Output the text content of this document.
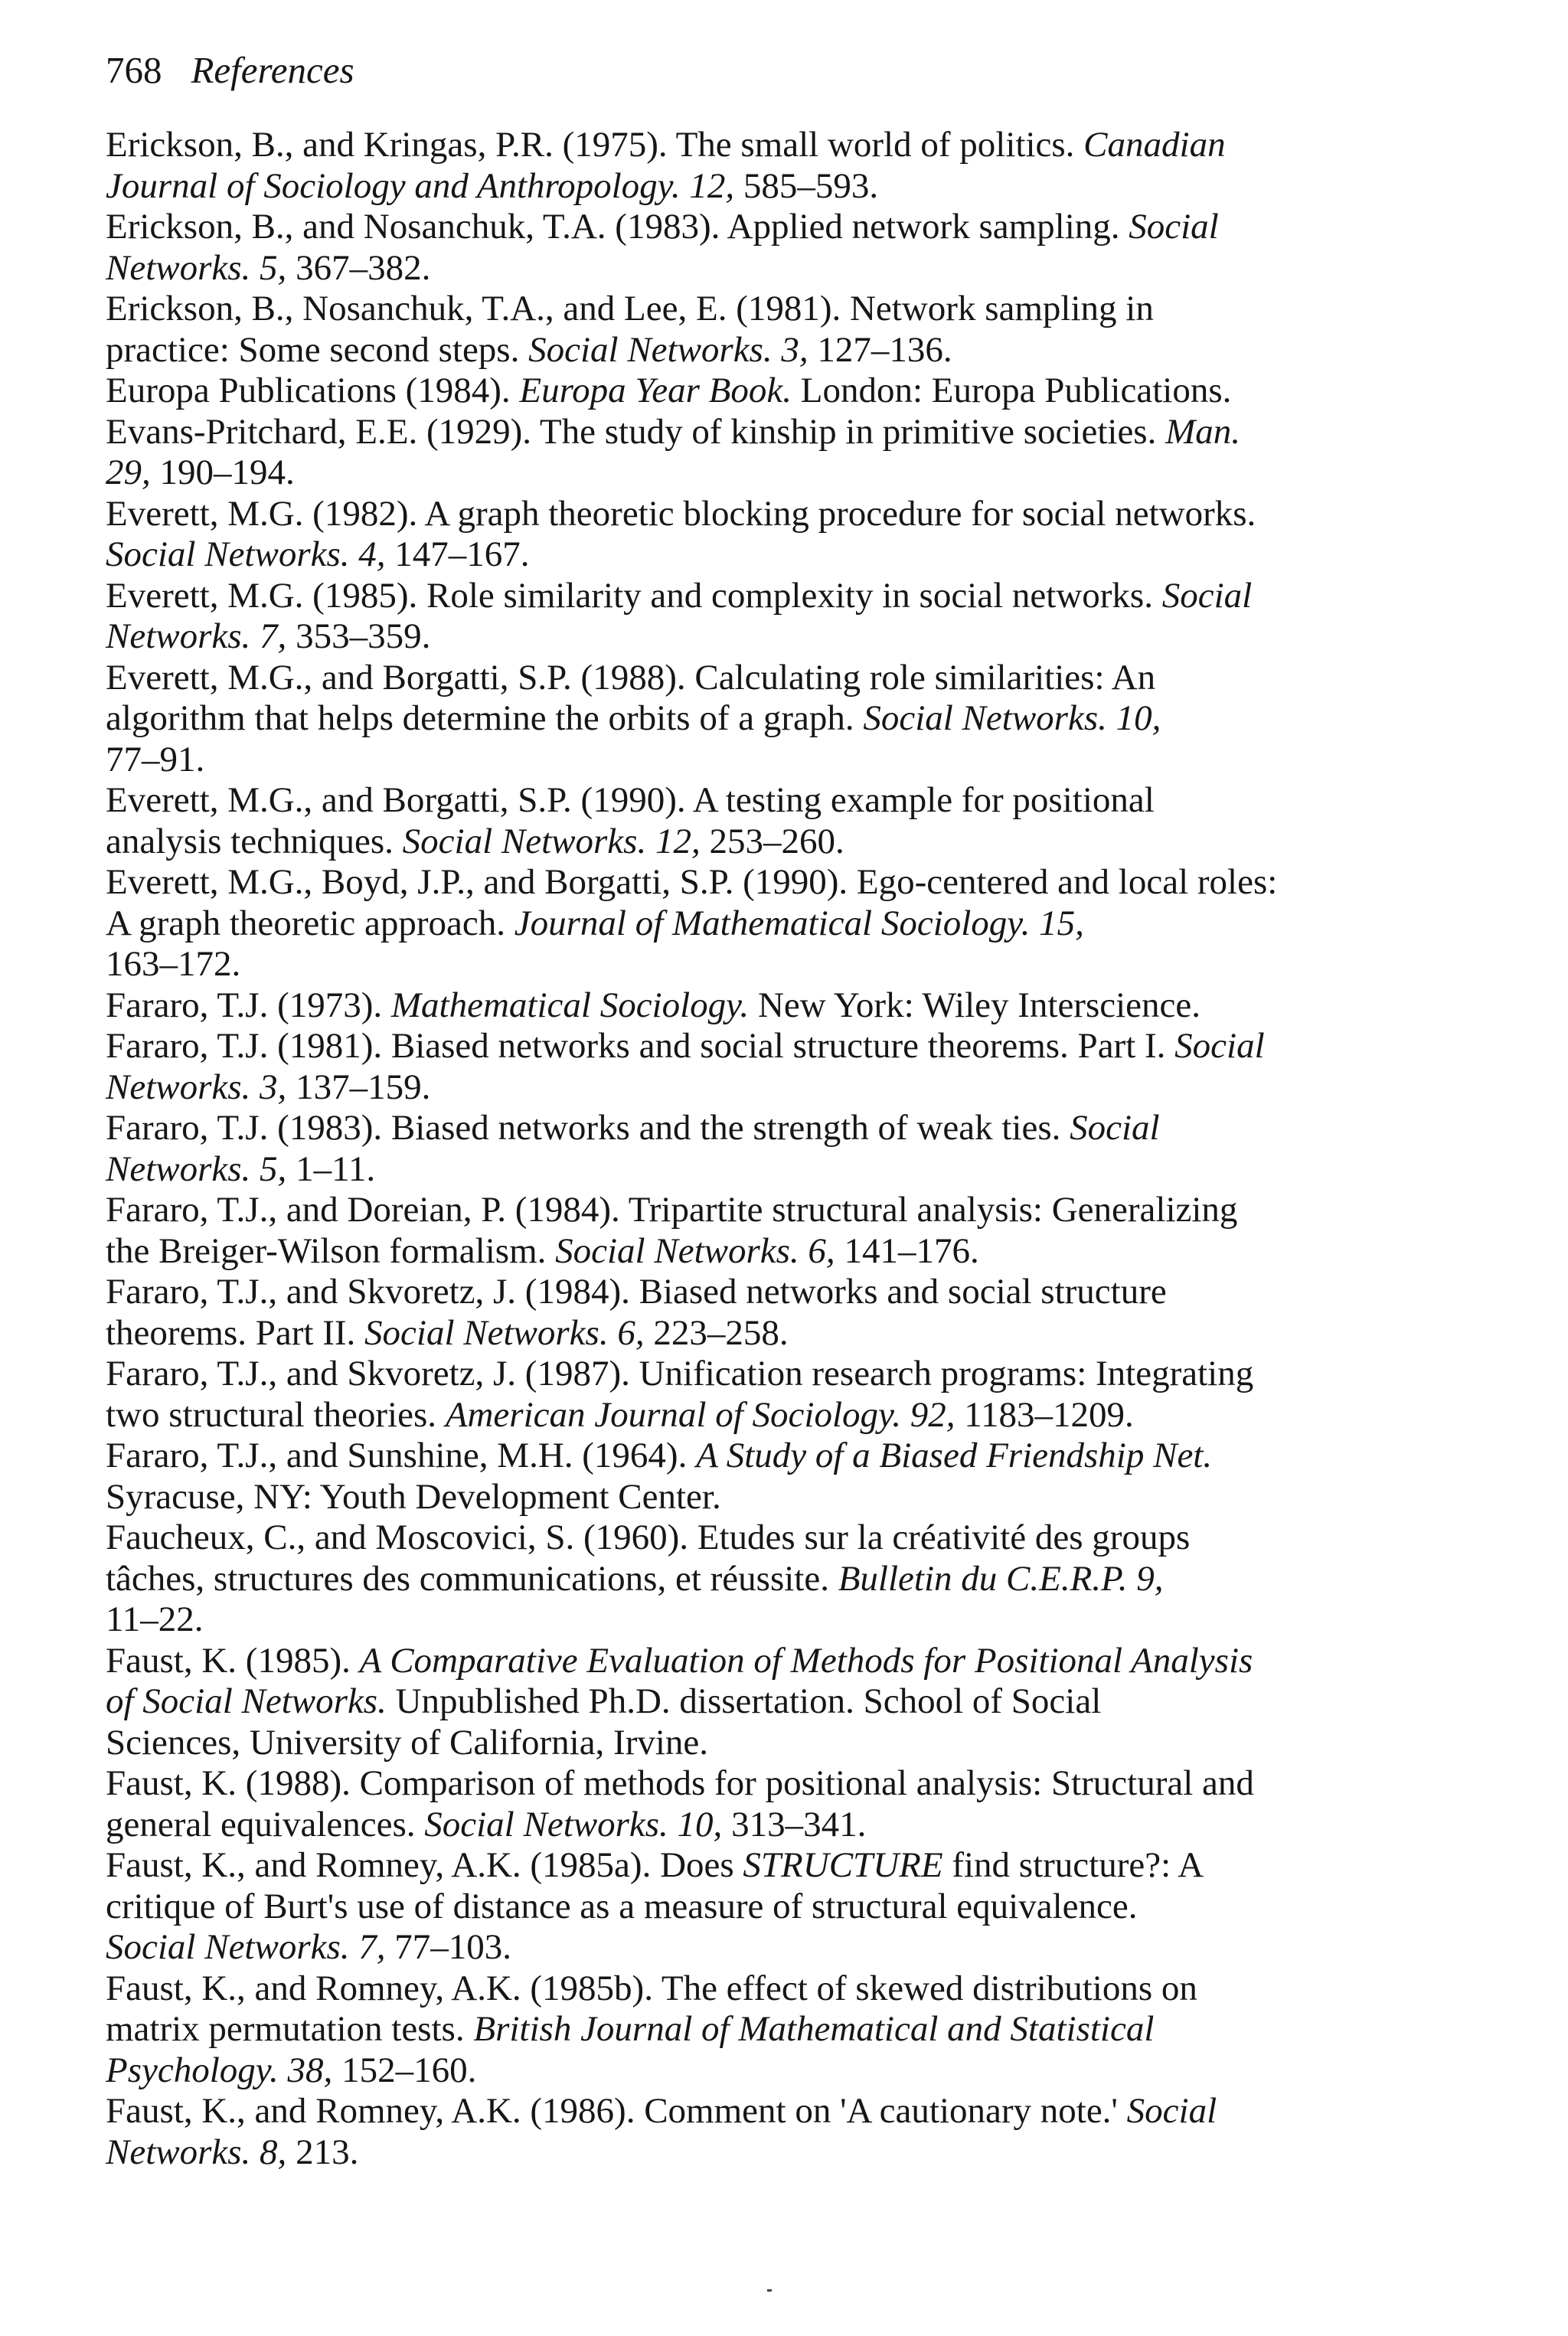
768 References
Erickson, B., and Kringas, P.R. (1975). The small world of politics. Canadian
Journal of Sociology and Anthropology. 12, 585–593.
Erickson, B., and Nosanchuk, T.A. (1983). Applied network sampling. Social
Networks. 5, 367–382.
Erickson, B., Nosanchuk, T.A., and Lee, E. (1981). Network sampling in
practice: Some second steps. Social Networks. 3, 127–136.
Europa Publications (1984). Europa Year Book. London: Europa Publications.
Evans-Pritchard, E.E. (1929). The study of kinship in primitive societies. Man.
29, 190–194.
Everett, M.G. (1982). A graph theoretic blocking procedure for social networks.
Social Networks. 4, 147–167.
Everett, M.G. (1985). Role similarity and complexity in social networks. Social
Networks. 7, 353–359.
Everett, M.G., and Borgatti, S.P. (1988). Calculating role similarities: An
algorithm that helps determine the orbits of a graph. Social Networks. 10,
77–91.
Everett, M.G., and Borgatti, S.P. (1990). A testing example for positional
analysis techniques. Social Networks. 12, 253–260.
Everett, M.G., Boyd, J.P., and Borgatti, S.P. (1990). Ego-centered and local roles:
A graph theoretic approach. Journal of Mathematical Sociology. 15,
163–172.
Fararo, T.J. (1973). Mathematical Sociology. New York: Wiley Interscience.
Fararo, T.J. (1981). Biased networks and social structure theorems. Part I. Social
Networks. 3, 137–159.
Fararo, T.J. (1983). Biased networks and the strength of weak ties. Social
Networks. 5, 1–11.
Fararo, T.J., and Doreian, P. (1984). Tripartite structural analysis: Generalizing
the Breiger-Wilson formalism. Social Networks. 6, 141–176.
Fararo, T.J., and Skvoretz, J. (1984). Biased networks and social structure
theorems. Part II. Social Networks. 6, 223–258.
Fararo, T.J., and Skvoretz, J. (1987). Unification research programs: Integrating
two structural theories. American Journal of Sociology. 92, 1183–1209.
Fararo, T.J., and Sunshine, M.H. (1964). A Study of a Biased Friendship Net.
Syracuse, NY: Youth Development Center.
Faucheux, C., and Moscovici, S. (1960). Etudes sur la créativité des groups
tâches, structures des communications, et réussite. Bulletin du C.E.R.P. 9,
11–22.
Faust, K. (1985). A Comparative Evaluation of Methods for Positional Analysis
of Social Networks. Unpublished Ph.D. dissertation. School of Social
Sciences, University of California, Irvine.
Faust, K. (1988). Comparison of methods for positional analysis: Structural and
general equivalences. Social Networks. 10, 313–341.
Faust, K., and Romney, A.K. (1985a). Does STRUCTURE find structure?: A
critique of Burt's use of distance as a measure of structural equivalence.
Social Networks. 7, 77–103.
Faust, K., and Romney, A.K. (1985b). The effect of skewed distributions on
matrix permutation tests. British Journal of Mathematical and Statistical
Psychology. 38, 152–160.
Faust, K., and Romney, A.K. (1986). Comment on 'A cautionary note.' Social
Networks. 8, 213.
